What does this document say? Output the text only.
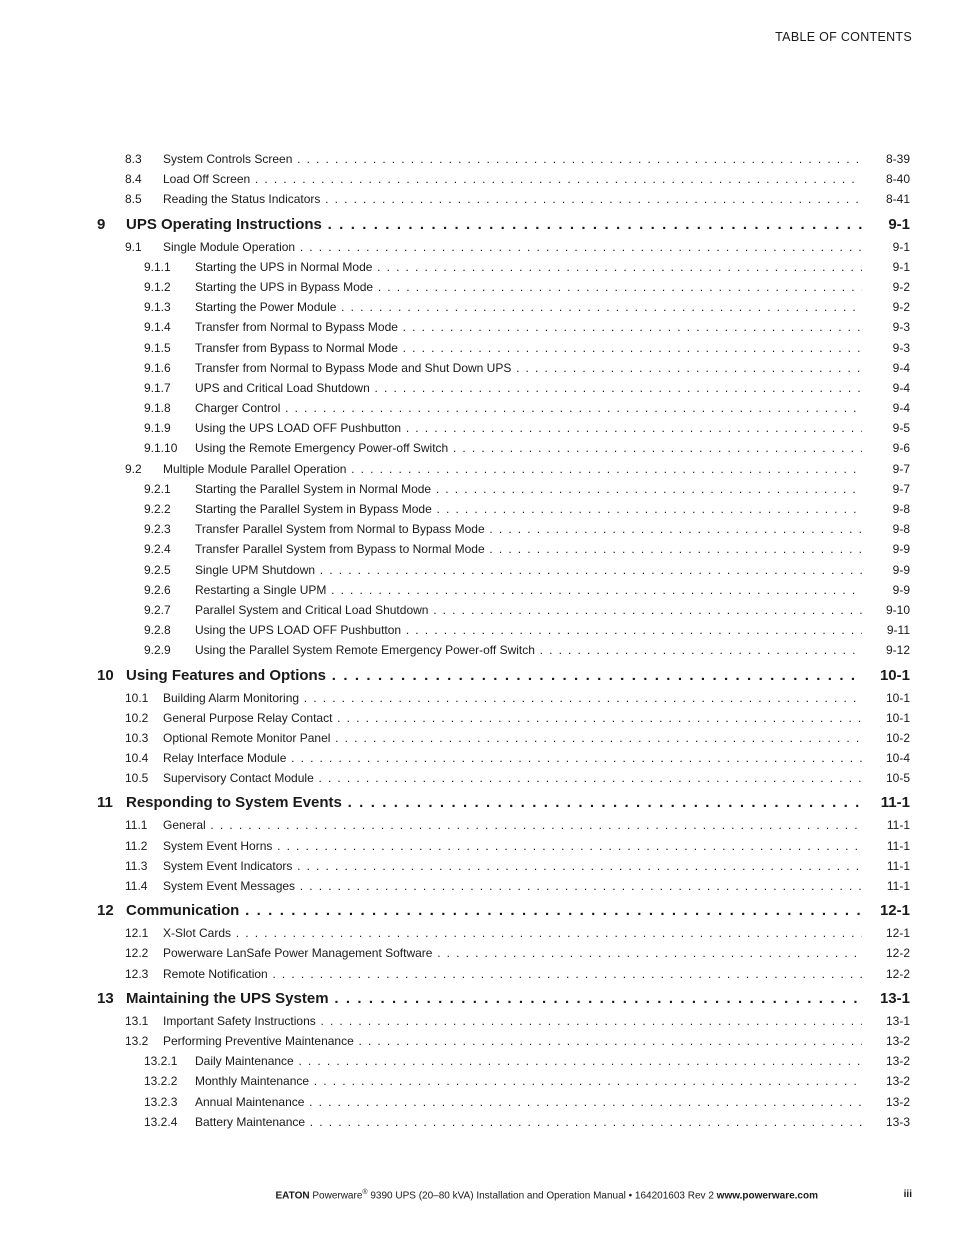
TABLE OF CONTENTS
8.3 System Controls Screen . . .	8-39
8.4 Load Off Screen . . .	8-40
8.5 Reading the Status Indicators . . .	8-41
9 UPS Operating Instructions . . .	9-1
9.1 Single Module Operation . . .	9-1
9.1.1 Starting the UPS in Normal Mode . . .	9-1
9.1.2 Starting the UPS in Bypass Mode . . .	9-2
9.1.3 Starting the Power Module . . .	9-2
9.1.4 Transfer from Normal to Bypass Mode . . .	9-3
9.1.5 Transfer from Bypass to Normal Mode . . .	9-3
9.1.6 Transfer from Normal to Bypass Mode and Shut Down UPS . . .	9-4
9.1.7 UPS and Critical Load Shutdown . . .	9-4
9.1.8 Charger Control . . .	9-4
9.1.9 Using the UPS LOAD OFF Pushbutton . . .	9-5
9.1.10 Using the Remote Emergency Power-off Switch . . .	9-6
9.2 Multiple Module Parallel Operation . . .	9-7
9.2.1 Starting the Parallel System in Normal Mode . . .	9-7
9.2.2 Starting the Parallel System in Bypass Mode . . .	9-8
9.2.3 Transfer Parallel System from Normal to Bypass Mode . . .	9-8
9.2.4 Transfer Parallel System from Bypass to Normal Mode . . .	9-9
9.2.5 Single UPM Shutdown . . .	9-9
9.2.6 Restarting a Single UPM . . .	9-9
9.2.7 Parallel System and Critical Load Shutdown . . .	9-10
9.2.8 Using the UPS LOAD OFF Pushbutton . . .	9-11
9.2.9 Using the Parallel System Remote Emergency Power-off Switch . . .	9-12
10 Using Features and Options . . .	10-1
10.1 Building Alarm Monitoring . . .	10-1
10.2 General Purpose Relay Contact . . .	10-1
10.3 Optional Remote Monitor Panel . . .	10-2
10.4 Relay Interface Module . . .	10-4
10.5 Supervisory Contact Module . . .	10-5
11 Responding to System Events . . .	11-1
11.1 General . . .	11-1
11.2 System Event Horns . . .	11-1
11.3 System Event Indicators . . .	11-1
11.4 System Event Messages . . .	11-1
12 Communication . . .	12-1
12.1 X-Slot Cards . . .	12-1
12.2 Powerware LanSafe Power Management Software . . .	12-2
12.3 Remote Notification . . .	12-2
13 Maintaining the UPS System . . .	13-1
13.1 Important Safety Instructions . . .	13-1
13.2 Performing Preventive Maintenance . . .	13-2
13.2.1 Daily Maintenance . . .	13-2
13.2.2 Monthly Maintenance . . .	13-2
13.2.3 Annual Maintenance . . .	13-2
13.2.4 Battery Maintenance . . .	13-3
EATON Powerware® 9390 UPS (20–80 kVA) Installation and Operation Manual • 164201603 Rev 2 www.powerware.com	iii
